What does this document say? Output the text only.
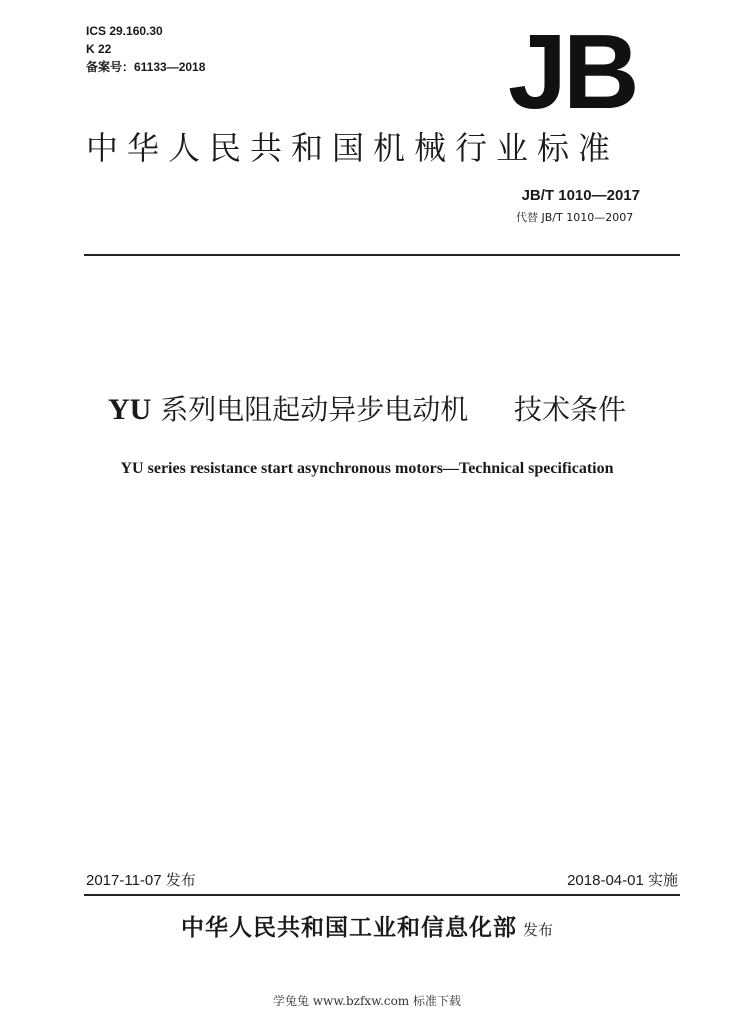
ICS 29.160.30
K 22
备案号：61133—2018	JB
中华人民共和国机械行业标准
JB/T 1010—2017
代替 JB/T 1010—2007
YU 系列电阻起动异步电动机 技术条件
YU series resistance start asynchronous motors—Technical specification
2017-11-07 发布	2018-04-01 实施
中华人民共和国工业和信息化部 发布
学兔兔 www.bzfxw.com 标准下载
